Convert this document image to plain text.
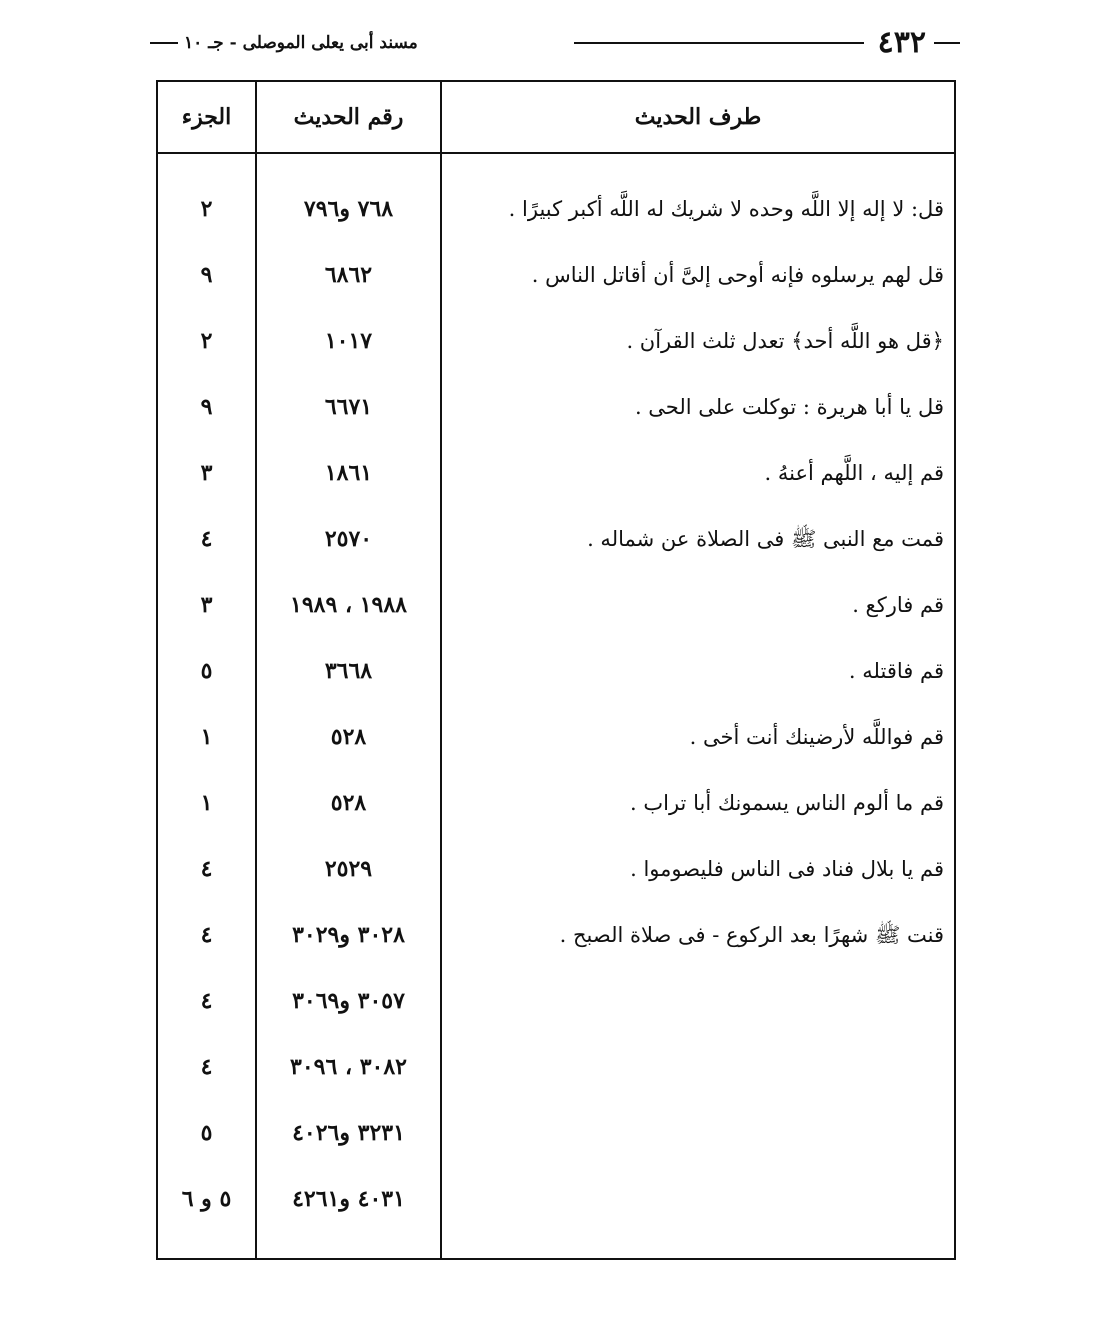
٤٣٢
مسند أبى يعلى الموصلى - جـ ١٠
طرف الحديث
رقم الحديث
الجزء
قل: لا إله إلا اللَّه وحده لا شريك له اللَّه أكبر كبيرًا .
٧٦٨ و٧٩٦
٢
قل لهم يرسلوه فإنه أوحى إلىَّ أن أقاتل الناس .
٦٨٦٢
٩
﴿قل هو اللَّه أحد﴾ تعدل ثلث القرآن .
١٠١٧
٢
قل يا أبا هريرة : توكلت على الحى .
٦٦٧١
٩
قم إليه ، اللَّهم أعنهُ .
١٨٦١
٣
قمت مع النبى ﷺ فى الصلاة عن شماله .
٢٥٧٠
٤
قم فاركع .
١٩٨٨ ، ١٩٨٩
٣
قم فاقتله .
٣٦٦٨
٥
قم فواللَّه لأرضينك أنت أخى .
٥٢٨
١
قم ما ألوم الناس يسمونك أبا تراب .
٥٢٨
١
قم يا بلال فناد فى الناس فليصوموا .
٢٥٢٩
٤
قنت ﷺ شهرًا بعد الركوع - فى صلاة الصبح .
٣٠٢٨ و٣٠٢٩
٤
٣٠٥٧ و٣٠٦٩
٤
٣٠٨٢ ، ٣٠٩٦
٤
٣٢٣١ و٤٠٢٦
٥
٤٠٣١ و٤٢٦١
٥ و ٦
